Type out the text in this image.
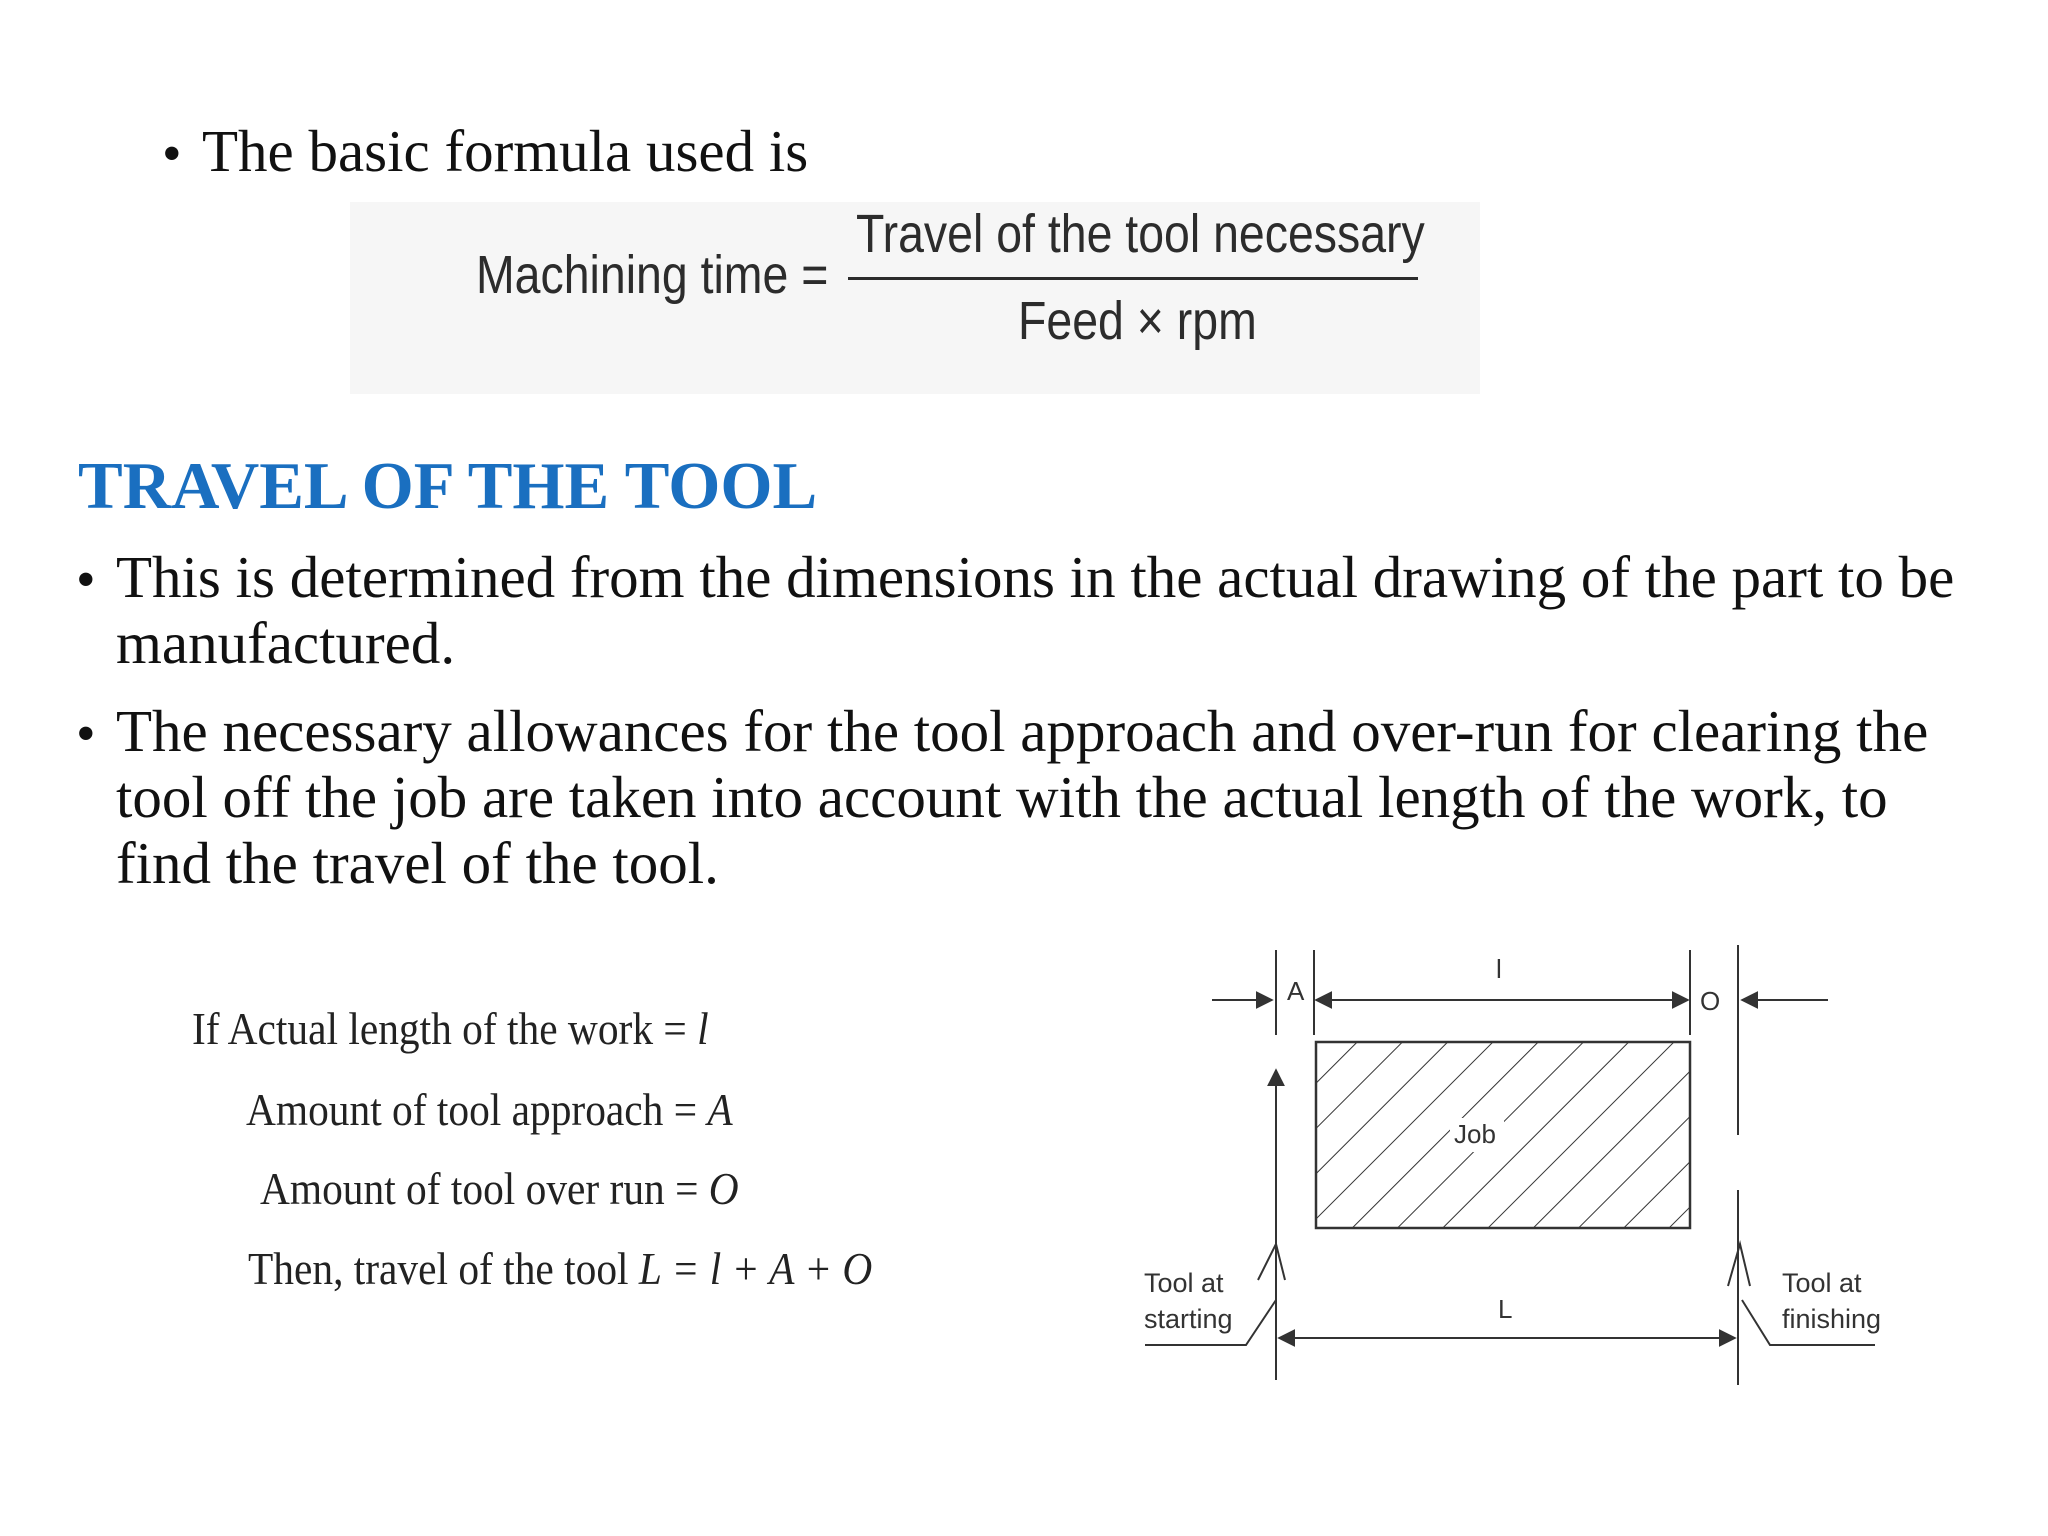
• The basic formula used is
Machining time =
Travel of the tool necessary
Feed × rpm
TRAVEL OF THE TOOL
• This is determined from the dimensions in the actual drawing of the part to be
manufactured.
• The necessary allowances for the tool approach and over-run for clearing the
tool off the job are taken into account with the actual length of the work, to
find the travel of the tool.
If Actual length of the work = l
Amount of tool approach = A
Amount of tool over run = O
Then, travel of the tool L = l + A + O
A
l
O
Job
Tool at
starting
Tool at
finishing
L
